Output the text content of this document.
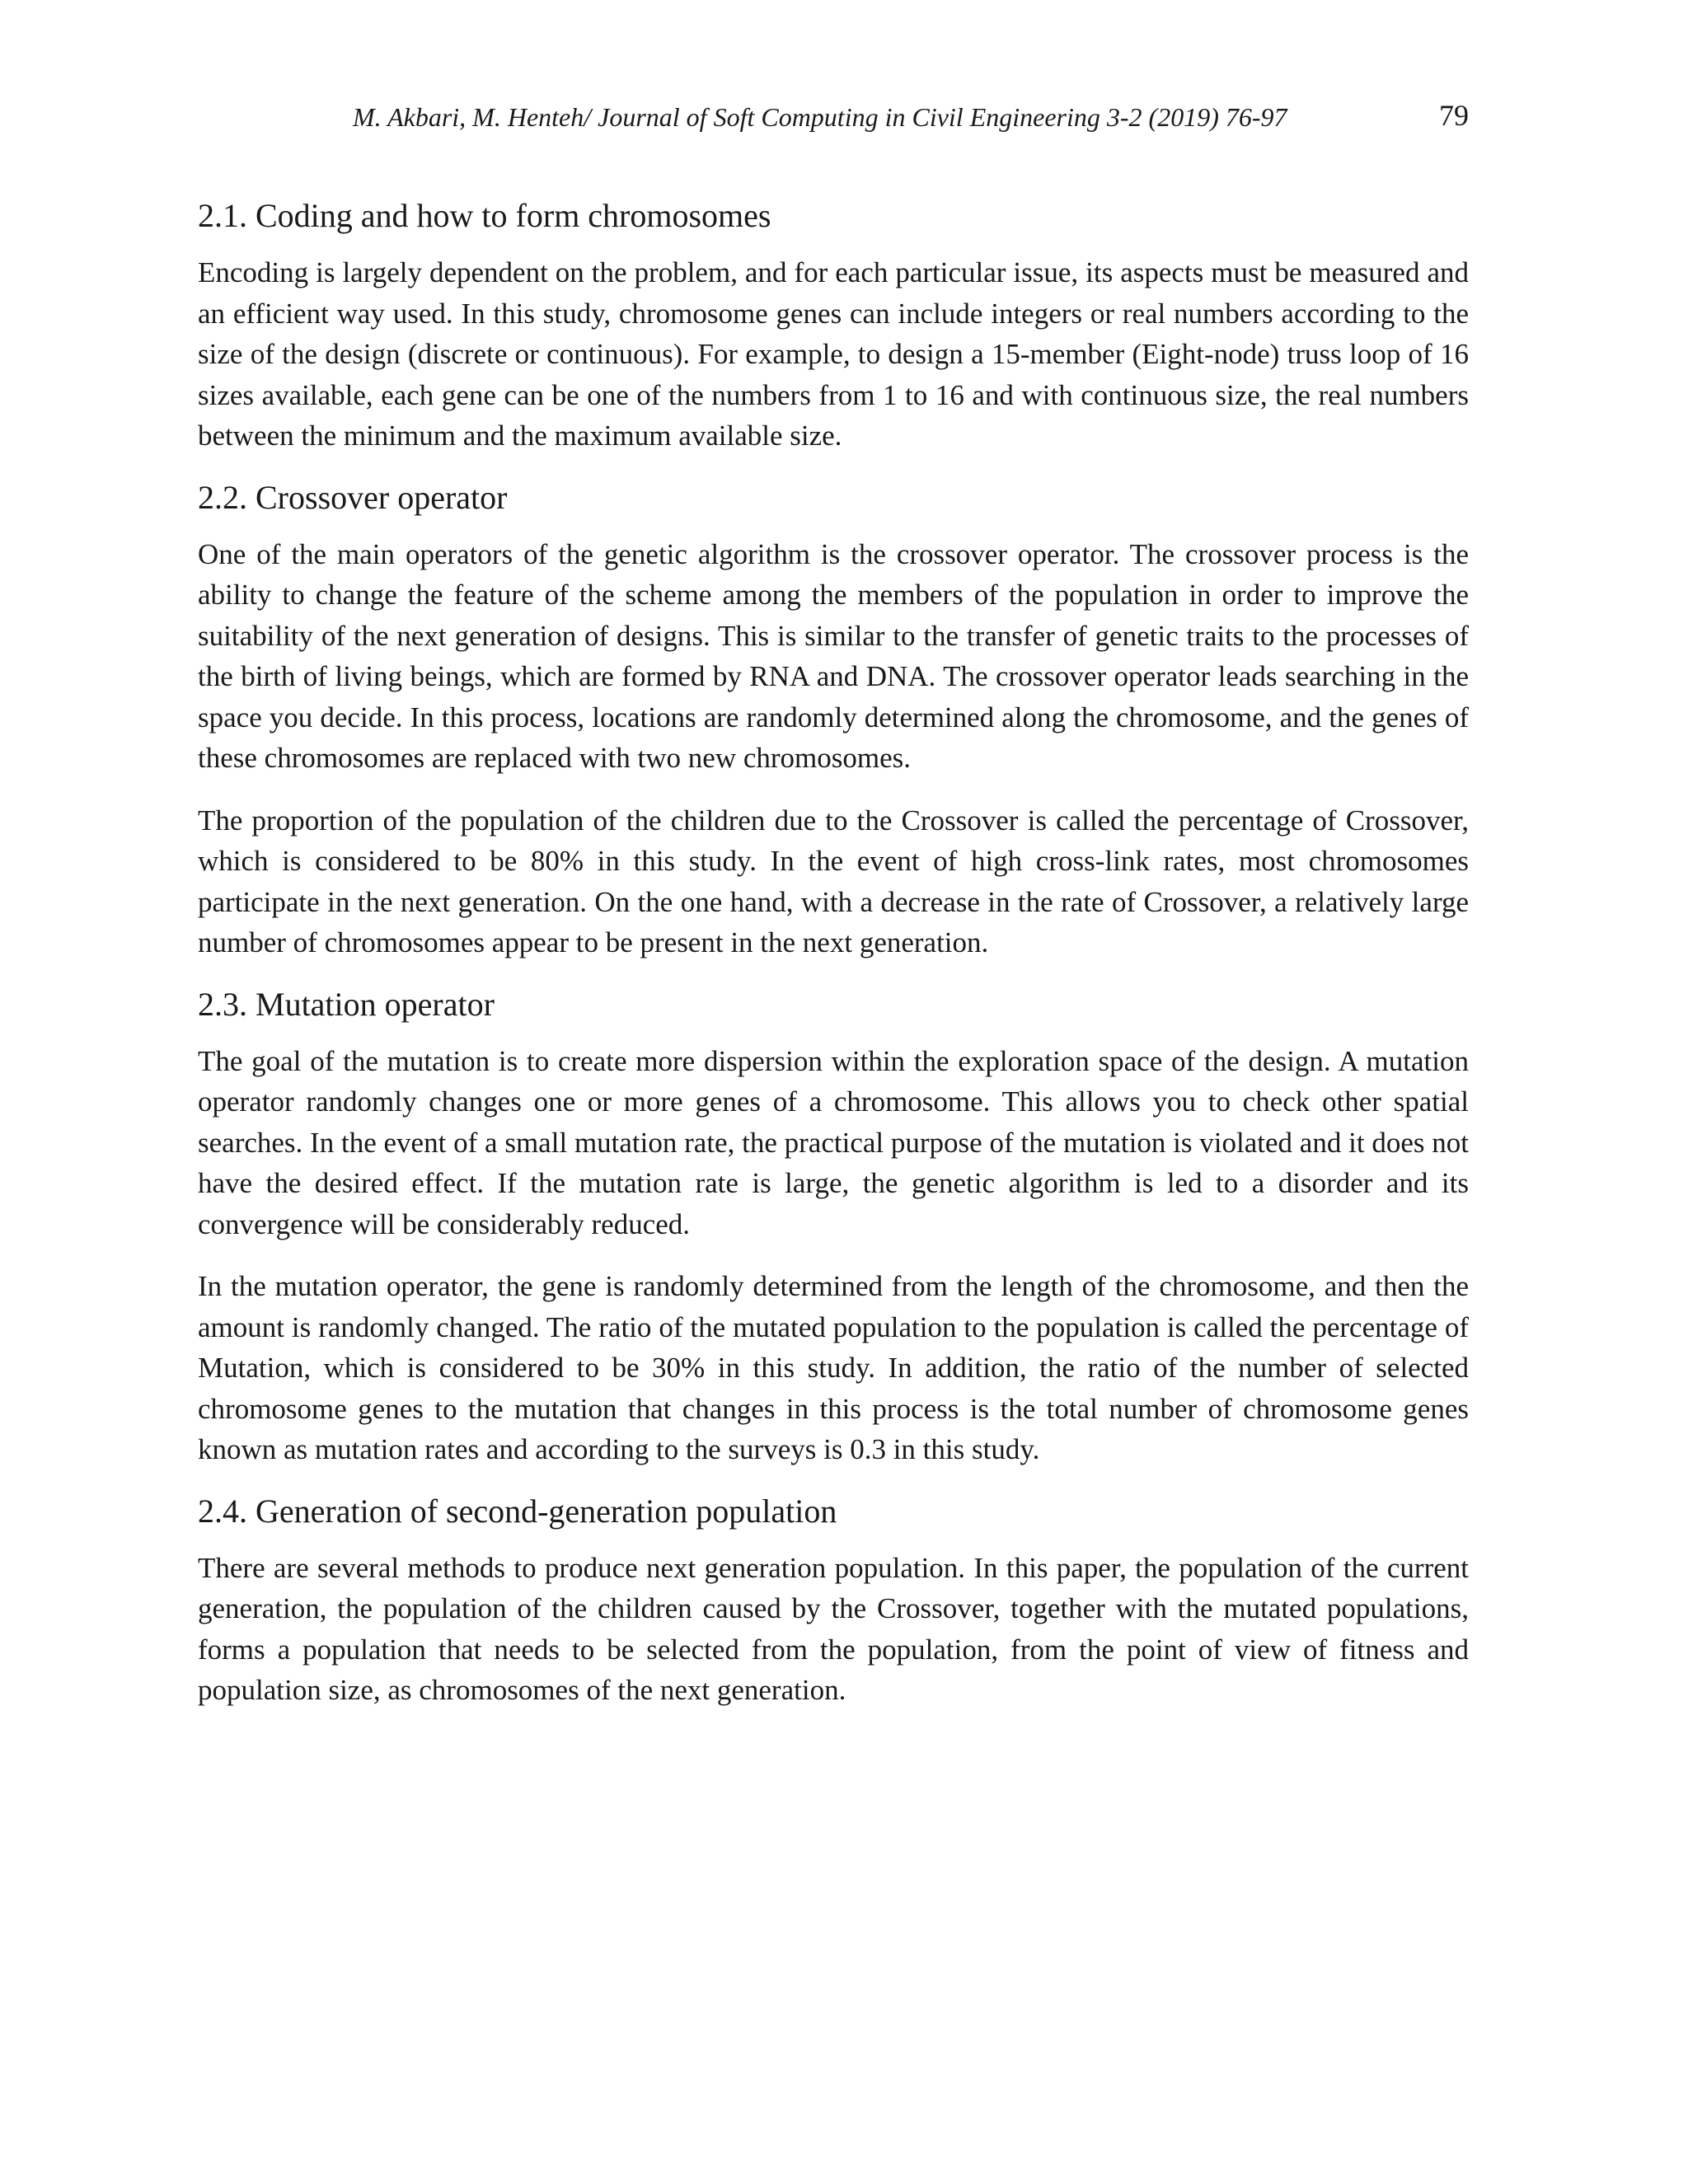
M. Akbari, M. Henteh/ Journal of Soft Computing in Civil Engineering 3-2 (2019) 76-97	79
2.1. Coding and how to form chromosomes

Encoding is largely dependent on the problem, and for each particular issue, its aspects must be measured and an efficient way used. In this study, chromosome genes can include integers or real numbers according to the size of the design (discrete or continuous). For example, to design a 15-member (Eight-node) truss loop of 16 sizes available, each gene can be one of the numbers from 1 to 16 and with continuous size, the real numbers between the minimum and the maximum available size.

2.2. Crossover operator

One of the main operators of the genetic algorithm is the crossover operator. The crossover process is the ability to change the feature of the scheme among the members of the population in order to improve the suitability of the next generation of designs. This is similar to the transfer of genetic traits to the processes of the birth of living beings, which are formed by RNA and DNA. The crossover operator leads searching in the space you decide. In this process, locations are randomly determined along the chromosome, and the genes of these chromosomes are replaced with two new chromosomes.

The proportion of the population of the children due to the Crossover is called the percentage of Crossover, which is considered to be 80% in this study. In the event of high cross-link rates, most chromosomes participate in the next generation. On the one hand, with a decrease in the rate of Crossover, a relatively large number of chromosomes appear to be present in the next generation.

2.3. Mutation operator

The goal of the mutation is to create more dispersion within the exploration space of the design. A mutation operator randomly changes one or more genes of a chromosome. This allows you to check other spatial searches. In the event of a small mutation rate, the practical purpose of the mutation is violated and it does not have the desired effect. If the mutation rate is large, the genetic algorithm is led to a disorder and its convergence will be considerably reduced.

In the mutation operator, the gene is randomly determined from the length of the chromosome, and then the amount is randomly changed. The ratio of the mutated population to the population is called the percentage of Mutation, which is considered to be 30% in this study. In addition, the ratio of the number of selected chromosome genes to the mutation that changes in this process is the total number of chromosome genes known as mutation rates and according to the surveys is 0.3 in this study.

2.4. Generation of second-generation population

There are several methods to produce next generation population. In this paper, the population of the current generation, the population of the children caused by the Crossover, together with the mutated populations, forms a population that needs to be selected from the population, from the point of view of fitness and population size, as chromosomes of the next generation.
